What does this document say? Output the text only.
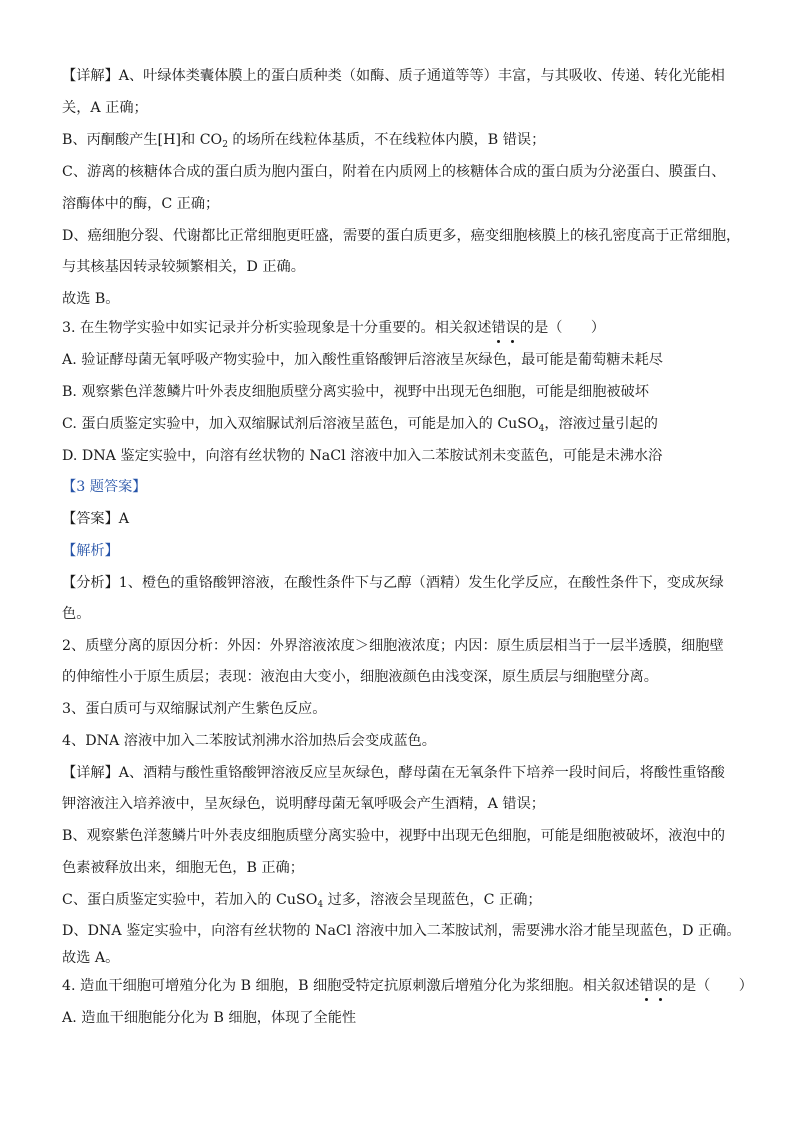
【详解】A、叶绿体类囊体膜上的蛋白质种类（如酶、质子通道等等）丰富，与其吸收、传递、转化光能相
关，A 正确；
B、丙酮酸产生[H]和 $CO_2$ 的场所在线粒体基质，不在线粒体内膜，B 错误；
C、游离的核糖体合成的蛋白质为胞内蛋白，附着在内质网上的核糖体合成的蛋白质为分泌蛋白、膜蛋白、
溶酶体中的酶，C 正确；
D、癌细胞分裂、代谢都比正常细胞更旺盛，需要的蛋白质更多，癌变细胞核膜上的核孔密度高于正常细胞，
与其核基因转录较频繁相关，D 正确。
故选 B。
3. 在生物学实验中如实记录并分析实验现象是十分重要的。相关叙述错误的是（　　）
A. 验证酵母菌无氧呼吸产物实验中，加入酸性重铬酸钾后溶液呈灰绿色，最可能是葡萄糖未耗尽
B. 观察紫色洋葱鳞片叶外表皮细胞质壁分离实验中，视野中出现无色细胞，可能是细胞被破坏
C. 蛋白质鉴定实验中，加入双缩脲试剂后溶液呈蓝色，可能是加入的 CuSO$_4$，溶液过量引起的
D. DNA 鉴定实验中，向溶有丝状物的 NaCl 溶液中加入二苯胺试剂未变蓝色，可能是未沸水浴
【3 题答案】
【答案】A
【解析】
【分析】1、橙色的重铬酸钾溶液，在酸性条件下与乙醇（酒精）发生化学反应，在酸性条件下，变成灰绿
色。
2、质壁分离的原因分析：外因：外界溶液浓度＞细胞液浓度；内因：原生质层相当于一层半透膜，细胞壁
的伸缩性小于原生质层；表现：液泡由大变小，细胞液颜色由浅变深，原生质层与细胞壁分离。
3、蛋白质可与双缩脲试剂产生紫色反应。
4、DNA 溶液中加入二苯胺试剂沸水浴加热后会变成蓝色。
【详解】A、酒精与酸性重铬酸钾溶液反应呈灰绿色，酵母菌在无氧条件下培养一段时间后，将酸性重铬酸
钾溶液注入培养液中，呈灰绿色，说明酵母菌无氧呼吸会产生酒精，A 错误；
B、观察紫色洋葱鳞片叶外表皮细胞质壁分离实验中，视野中出现无色细胞，可能是细胞被破坏，液泡中的
色素被释放出来，细胞无色，B 正确；
C、蛋白质鉴定实验中，若加入的 CuSO$_4$ 过多，溶液会呈现蓝色，C 正确；
D、DNA 鉴定实验中，向溶有丝状物的 NaCl 溶液中加入二苯胺试剂，需要沸水浴才能呈现蓝色，D 正确。
故选 A。
4. 造血干细胞可增殖分化为 B 细胞，B 细胞受特定抗原刺激后增殖分化为浆细胞。相关叙述错误的是（　　）
A. 造血干细胞能分化为 B 细胞，体现了全能性
